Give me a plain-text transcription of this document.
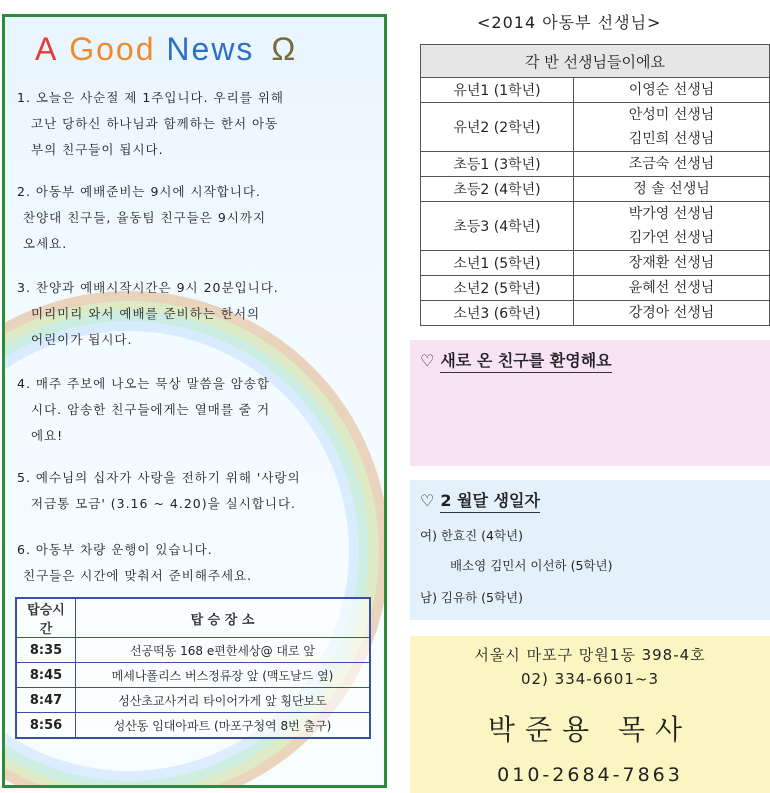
A Good News Ω

1. 오늘은 사순절 제 1주입니다. 우리를 위해

고난 당하신 하나님과 함께하는 한서 아동

부의 친구들이 됩시다.

2. 아동부 예배준비는 9시에 시작합니다.

찬양대 친구들, 율동팀 친구들은 9시까지

오세요.

3. 찬양과 예배시작시간은 9시 20분입니다.

미리미리 와서 예배를 준비하는 한서의

어린이가 됩시다.

4. 매주 주보에 나오는 묵상 말씀을 암송합

시다. 암송한 친구들에게는 열매를 줄 거

에요!

5. 예수님의 십자가 사랑을 전하기 위해 '사랑의

저금통 모금' (3.16 ~ 4.20)을 실시합니다.

6. 아동부 차량 운행이 있습니다.

친구들은 시간에 맞춰서 준비해주세요.

탑승시간	탑 승 장 소
8:35	선공떡동 168 e편한세상@ 대로 앞
8:45	메세나폴리스 버스정류장 앞 (맥도날드 옆)
8:47	성산초교사거리 타이어가게 앞 횡단보도
8:56	성산동 임대아파트 (마포구청역 8번 출구)
<2014 아동부 선생님>
각 반 선생님들이에요	
유년1 (1학년)	이영순 선생님

유년2 (2학년)	안성미 선생님
김민희 선생님

초등1 (3학년)	조금숙 선생님

초등2 (4학년)	정 솔 선생님

초등3 (4학년)	박가영 선생님
김가연 선생님

소년1 (5학년)	장재환 선생님

소년2 (5학년)	윤혜선 선생님

소년3 (6학년)	강경아 선생님
♡ 새로 온 친구를 환영해요
♡ 2 월달 생일자
여) 한효진 (4학년)
배소영 김민서 이선하 (5학년)
남) 김유하 (5학년)
서울시 마포구 망원1동 398-4호
02) 334-6601~3
박준용 목사
010-2684-7863
